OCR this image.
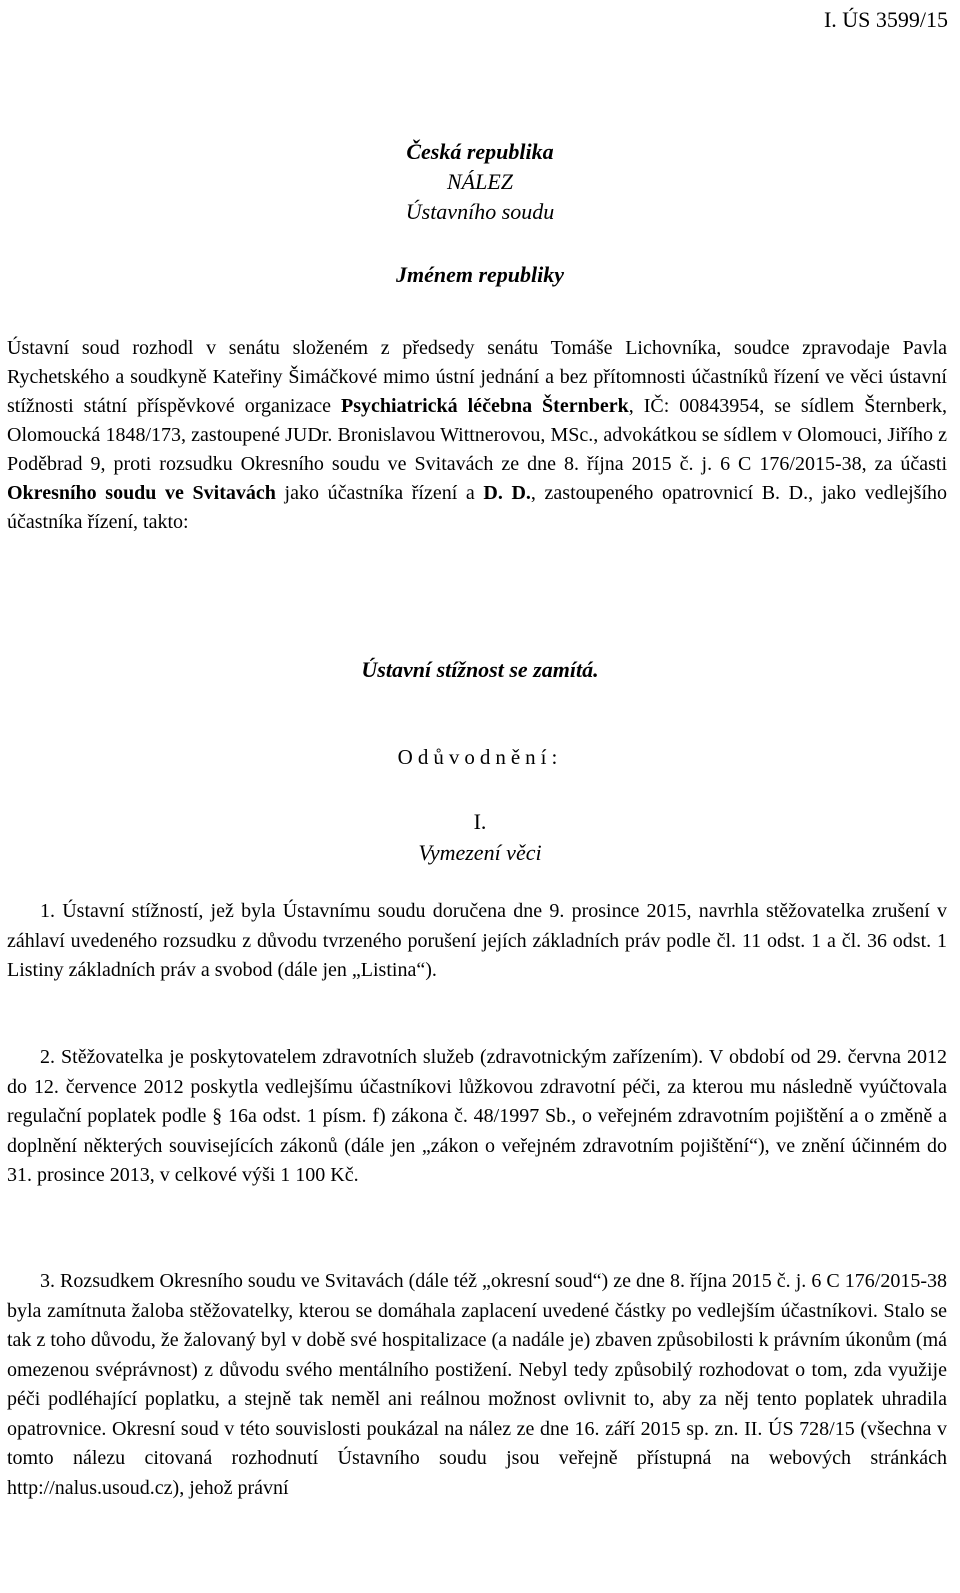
I. ÚS 3599/15
Česká republika
NÁLEZ
Ústavního soudu
Jménem republiky

Ústavní soud rozhodl v senátu složeném z předsedy senátu Tomáše Lichovníka, soudce zpravodaje Pavla Rychetského a soudkyně Kateřiny Šimáčkové mimo ústní jednání a bez přítomnosti účastníků řízení ve věci ústavní stížnosti státní příspěvkové organizace Psychiatrická léčebna Šternberk, IČ: 00843954, se sídlem Šternberk, Olomoucká 1848/173, zastoupené JUDr. Bronislavou Wittnerovou, MSc., advokátkou se sídlem v Olomouci, Jiřího z Poděbrad 9, proti rozsudku Okresního soudu ve Svitavách ze dne 8. října 2015 č. j. 6 C 176/2015-38, za účasti Okresního soudu ve Svitavách jako účastníka řízení a D. D., zastoupeného opatrovnicí B. D., jako vedlejšího účastníka řízení, takto:

Ústavní stížnost se zamítá.
Odůvodnění:
I.
Vymezení věci

1. Ústavní stížností, jež byla Ústavnímu soudu doručena dne 9. prosince 2015, navrhla stěžovatelka zrušení v záhlaví uvedeného rozsudku z důvodu tvrzeného porušení jejích základních práv podle čl. 11 odst. 1 a čl. 36 odst. 1 Listiny základních práv a svobod (dále jen „Listina“).

2. Stěžovatelka je poskytovatelem zdravotních služeb (zdravotnickým zařízením). V období od 29. června 2012 do 12. července 2012 poskytla vedlejšímu účastníkovi lůžkovou zdravotní péči, za kterou mu následně vyúčtovala regulační poplatek podle § 16a odst. 1 písm. f) zákona č. 48/1997 Sb., o veřejném zdravotním pojištění a o změně a doplnění některých souvisejících zákonů (dále jen „zákon o veřejném zdravotním pojištění“), ve znění účinném do 31. prosince 2013, v celkové výši 1 100 Kč.

3. Rozsudkem Okresního soudu ve Svitavách (dále též „okresní soud“) ze dne 8. října 2015 č. j. 6 C 176/2015-38 byla zamítnuta žaloba stěžovatelky, kterou se domáhala zaplacení uvedené částky po vedlejším účastníkovi. Stalo se tak z toho důvodu, že žalovaný byl v době své hospitalizace (a nadále je) zbaven způsobilosti k právním úkonům (má omezenou svéprávnost) z důvodu svého mentálního postižení. Nebyl tedy způsobilý rozhodovat o tom, zda využije péči podléhající poplatku, a stejně tak neměl ani reálnou možnost ovlivnit to, aby za něj tento poplatek uhradila opatrovnice. Okresní soud v této souvislosti poukázal na nález ze dne 16. září 2015 sp. zn. II. ÚS 728/15 (všechna v tomto nálezu citovaná rozhodnutí Ústavního soudu jsou veřejně přístupná na webových stránkách http://nalus.usoud.cz), jehož právní
